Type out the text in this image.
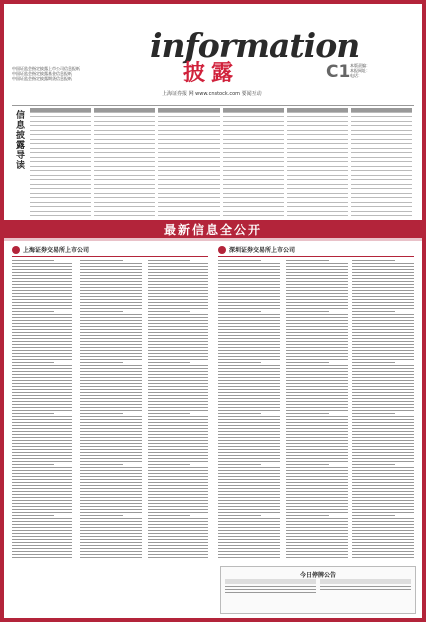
中国证监会指定披露上市公司信息报纸
中国证监会指定披露基金信息报纸
中国证监会指定披露期货信息报纸
information
披露
上海证券报 网 www.cnstock.com 要闻互动
C1 本版责编：
本报网址：
电话：
信息披露导读
最新信息全公开
上海证券交易所上市公司	深圳证券交易所上市公司
今日停牌公告
